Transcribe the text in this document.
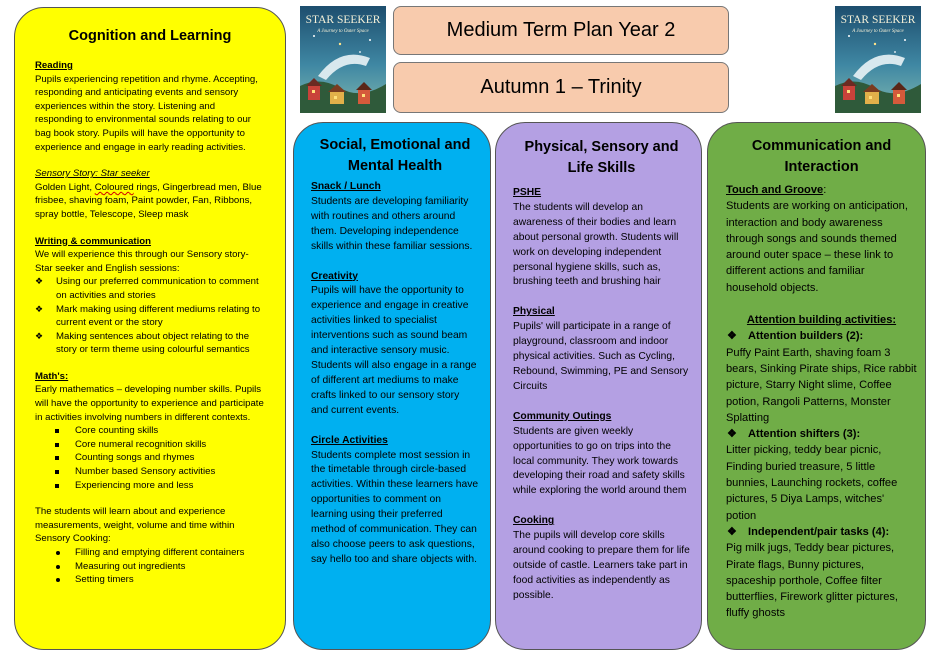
STAR SEEKER
A Journey to Outer Space
STAR SEEKER
A Journey to Outer Space
Medium Term Plan Year 2
Autumn 1 – Trinity
Cognition and Learning
Reading

Pupils experiencing repetition and rhyme. Accepting, responding and anticipating events and sensory experiences within the story. Listening and responding to environmental sounds relating to our bag book story. Pupils will have the opportunity to experience and engage in early reading activities.

Sensory Story: Star seeker

Golden Light, Coloured rings, Gingerbread men, Blue frisbee, shaving foam, Paint powder, Fan, Ribbons, spray bottle, Telescope, Sleep mask

Writing & communication

We will experience this through our Sensory story- Star seeker and English sessions:

❖ Using our preferred communication to comment on activities and stories
❖ Mark making using different mediums relating to current event or the story
❖ Making sentences about object relating to the story or term theme using colourful semantics
Math's:

Early mathematics – developing number skills. Pupils will have the opportunity to experience and participate in activities involving numbers in different contexts.

Core counting skills
Core numeral recognition skills
Counting songs and rhymes
Number based Sensory activities
Experiencing more and less

The students will learn about and experience measurements, weight, volume and time within Sensory Cooking:

Filling and emptying different containers
Measuring out ingredients
Setting timers
Social, Emotional and Mental Health
Snack / Lunch

Students are developing familiarity with routines and others around them. Developing independence skills within these familiar sessions.

Creativity

Pupils will have the opportunity to experience and engage in creative activities linked to specialist interventions such as sound beam and interactive sensory music. Students will also engage in a range of different art mediums to make crafts linked to our sensory story and current events.

Circle Activities

Students complete most session in the timetable through circle-based activities. Within these learners have opportunities to comment on learning using their preferred method of communication. They can also choose peers to ask questions, say hello too and share objects with.

Physical, Sensory and Life Skills
PSHE

The students will develop an awareness of their bodies and learn about personal growth. Students will work on developing independent personal hygiene skills, such as, brushing teeth and brushing hair

Physical

Pupils' will participate in a range of playground, classroom and indoor physical activities. Such as Cycling, Rebound, Swimming, PE and Sensory Circuits

Community Outings

Students are given weekly opportunities to go on trips into the local community. They work towards developing their road and safety skills while exploring the world around them

Cooking

The pupils will develop core skills around cooking to prepare them for life outside of castle. Learners take part in food activities as independently as possible.

Communication and Interaction
Touch and Groove:

Students are working on anticipation, interaction and body awareness through songs and sounds themed around outer space – these link to different actions and familiar household objects.

Attention building activities:
❖ Attention builders (2):

Puffy Paint Earth, shaving foam 3 bears, Sinking Pirate ships, Rice rabbit picture, Starry Night slime, Coffee potion, Rangoli Patterns, Monster Splatting

❖ Attention shifters (3):

Litter picking, teddy bear picnic, Finding buried treasure, 5 little bunnies, Launching rockets, coffee pictures, 5 Diya Lamps, witches' potion

❖ Independent/pair tasks (4):

Pig milk jugs, Teddy bear pictures, Pirate flags, Bunny pictures, spaceship porthole, Coffee filter butterflies, Firework glitter pictures, fluffy ghosts
